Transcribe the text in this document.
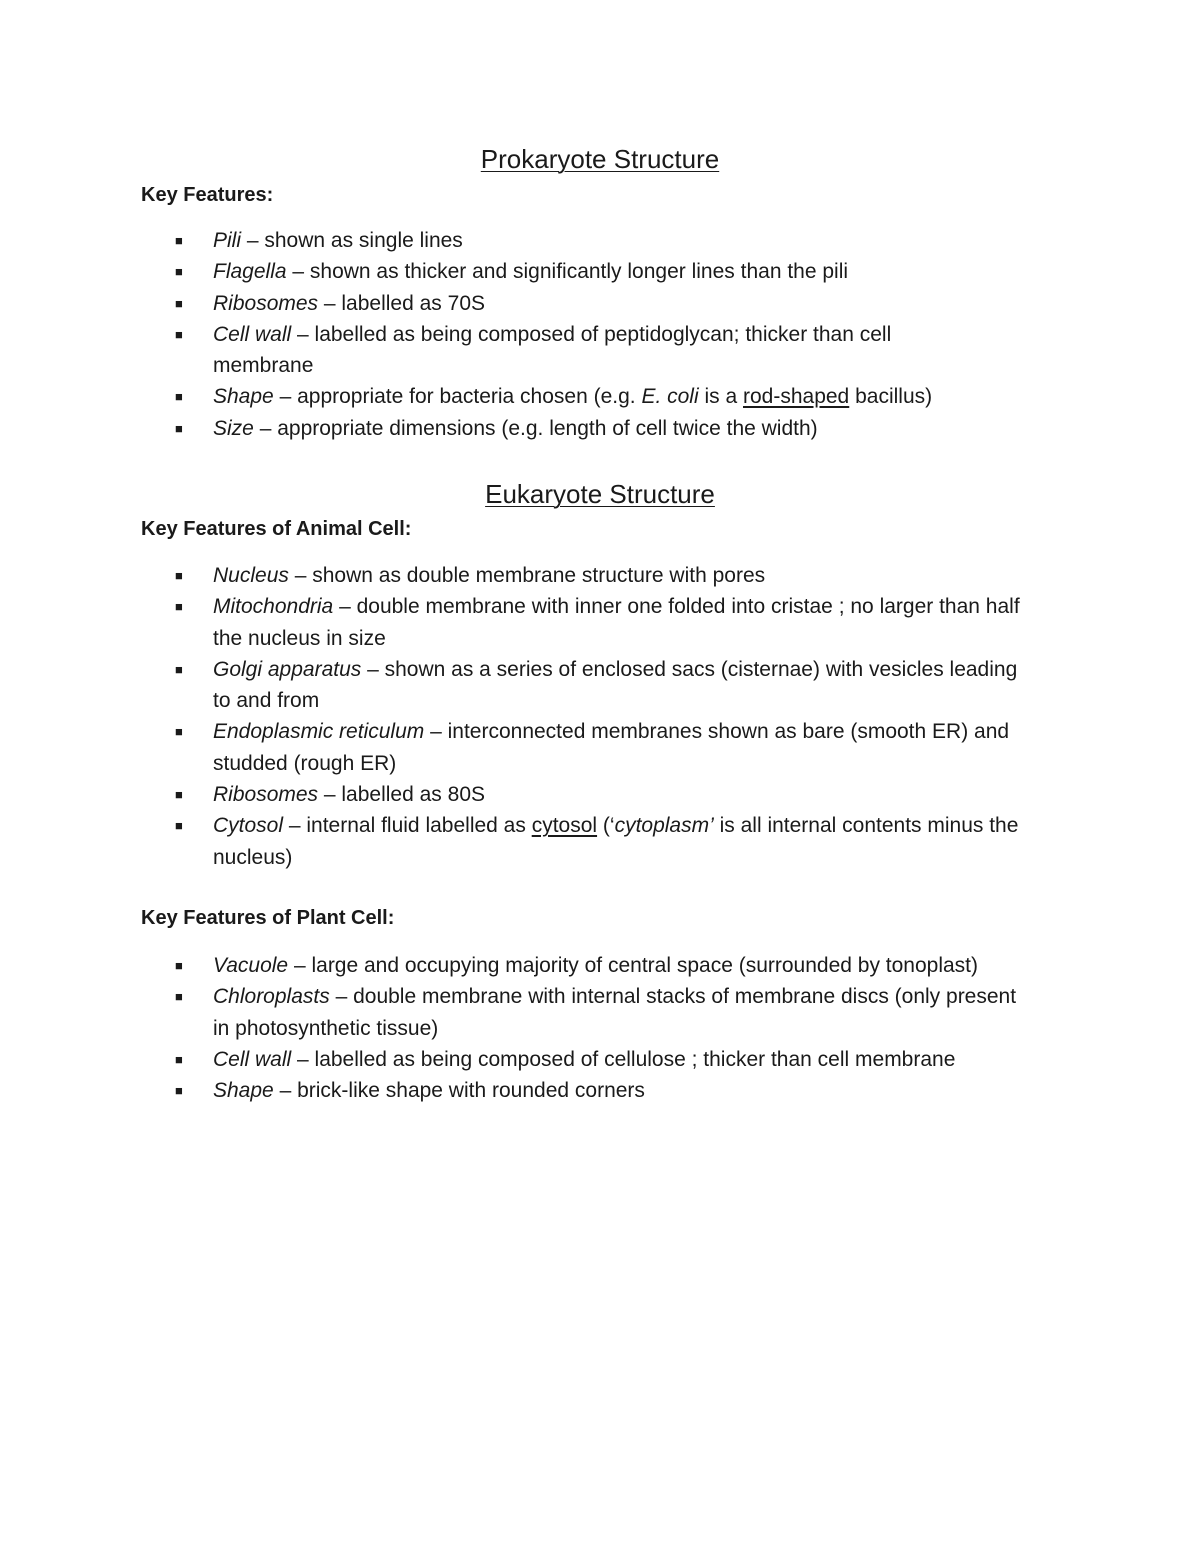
Prokaryote Structure

Key Features:

■ Pili – shown as single lines
■ Flagella – shown as thicker and significantly longer lines than the pili
■ Ribosomes – labelled as 70S
■ Cell wall – labelled as being composed of peptidoglycan; thicker than cell membrane
■ Shape – appropriate for bacteria chosen (e.g. E. coli is a rod-shaped bacillus)
■ Size – appropriate dimensions (e.g. length of cell twice the width)
Eukaryote Structure

Key Features of Animal Cell:

■ Nucleus – shown as double membrane structure with pores
■ Mitochondria – double membrane with inner one folded into cristae ; no larger than half the nucleus in size
■ Golgi apparatus – shown as a series of enclosed sacs (cisternae) with vesicles leading to and from
■ Endoplasmic reticulum – interconnected membranes shown as bare (smooth ER) and studded (rough ER)
■ Ribosomes – labelled as 80S
■ Cytosol – internal fluid labelled as cytosol (‘cytoplasm’ is all internal contents minus the nucleus)

Key Features of Plant Cell:

■ Vacuole – large and occupying majority of central space (surrounded by tonoplast)
■ Chloroplasts – double membrane with internal stacks of membrane discs (only present in photosynthetic tissue)
■ Cell wall – labelled as being composed of cellulose ; thicker than cell membrane
■ Shape – brick-like shape with rounded corners
